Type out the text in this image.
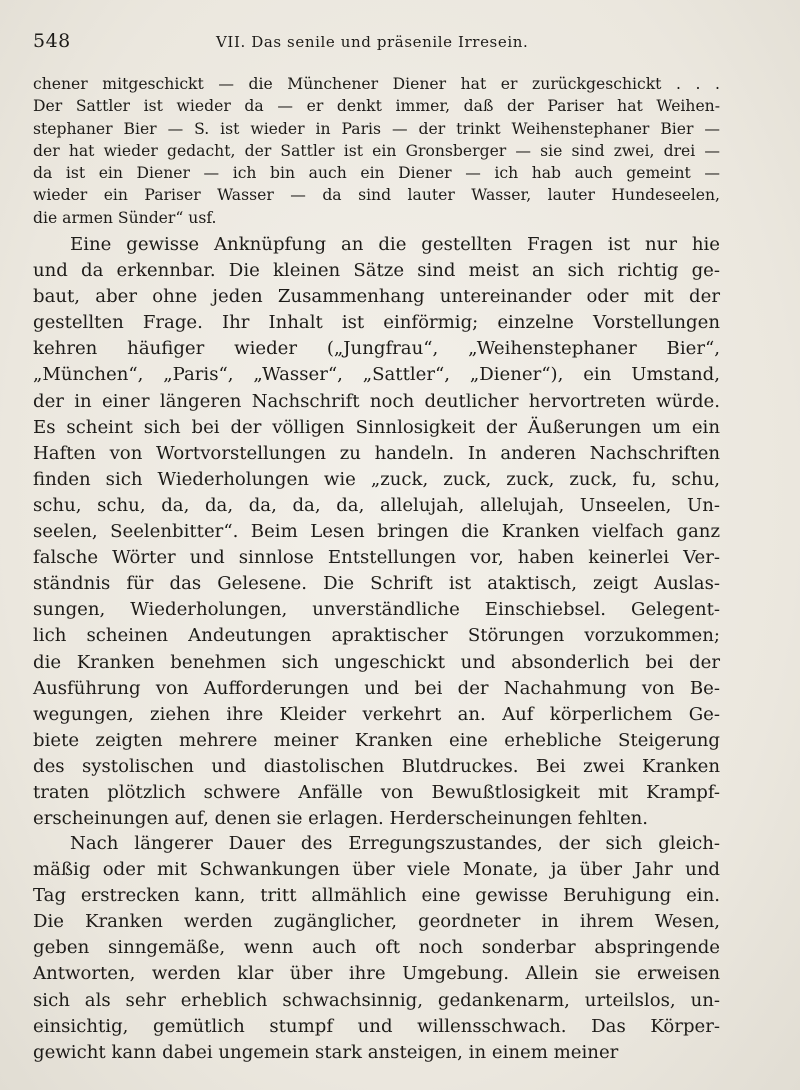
548	VII. Das senile und präsenile Irresein.

chener mitgeschickt — die Münchener Diener hat er zurückgeschickt . . .

Der Sattler ist wieder da — er denkt immer, daß der Pariser hat Weihen-

stephaner Bier — S. ist wieder in Paris — der trinkt Weihenstephaner Bier —

der hat wieder gedacht, der Sattler ist ein Gronsberger — sie sind zwei, drei —

da ist ein Diener — ich bin auch ein Diener — ich hab auch gemeint —

wieder ein Pariser Wasser — da sind lauter Wasser, lauter Hundeseelen,

die armen Sünder“ usf.

Eine gewisse Anknüpfung an die gestellten Fragen ist nur hie

und da erkennbar. Die kleinen Sätze sind meist an sich richtig ge-

baut, aber ohne jeden Zusammenhang untereinander oder mit der

gestellten Frage. Ihr Inhalt ist einförmig; einzelne Vorstellungen

kehren häufiger wieder („Jungfrau“, „Weihenstephaner Bier“,

„München“, „Paris“, „Wasser“, „Sattler“, „Diener“), ein Umstand,

der in einer längeren Nachschrift noch deutlicher hervortreten würde.

Es scheint sich bei der völligen Sinnlosigkeit der Äußerungen um ein

Haften von Wortvorstellungen zu handeln. In anderen Nachschriften

finden sich Wiederholungen wie „zuck, zuck, zuck, zuck, fu, schu,

schu, schu, da, da, da, da, da, allelujah, allelujah, Unseelen, Un-

seelen, Seelenbitter“. Beim Lesen bringen die Kranken vielfach ganz

falsche Wörter und sinnlose Entstellungen vor, haben keinerlei Ver-

ständnis für das Gelesene. Die Schrift ist ataktisch, zeigt Auslas-

sungen, Wiederholungen, unverständliche Einschiebsel. Gelegent-

lich scheinen Andeutungen apraktischer Störungen vorzukommen;

die Kranken benehmen sich ungeschickt und absonderlich bei der

Ausführung von Aufforderungen und bei der Nachahmung von Be-

wegungen, ziehen ihre Kleider verkehrt an. Auf körperlichem Ge-

biete zeigten mehrere meiner Kranken eine erhebliche Steigerung

des systolischen und diastolischen Blutdruckes. Bei zwei Kranken

traten plötzlich schwere Anfälle von Bewußtlosigkeit mit Krampf-

erscheinungen auf, denen sie erlagen. Herderscheinungen fehlten.

Nach längerer Dauer des Erregungszustandes, der sich gleich-

mäßig oder mit Schwankungen über viele Monate, ja über Jahr und

Tag erstrecken kann, tritt allmählich eine gewisse Beruhigung ein.

Die Kranken werden zugänglicher, geordneter in ihrem Wesen,

geben sinngemäße, wenn auch oft noch sonderbar abspringende

Antworten, werden klar über ihre Umgebung. Allein sie erweisen

sich als sehr erheblich schwachsinnig, gedankenarm, urteilslos, un-

einsichtig, gemütlich stumpf und willensschwach. Das Körper-

gewicht kann dabei ungemein stark ansteigen, in einem meiner
